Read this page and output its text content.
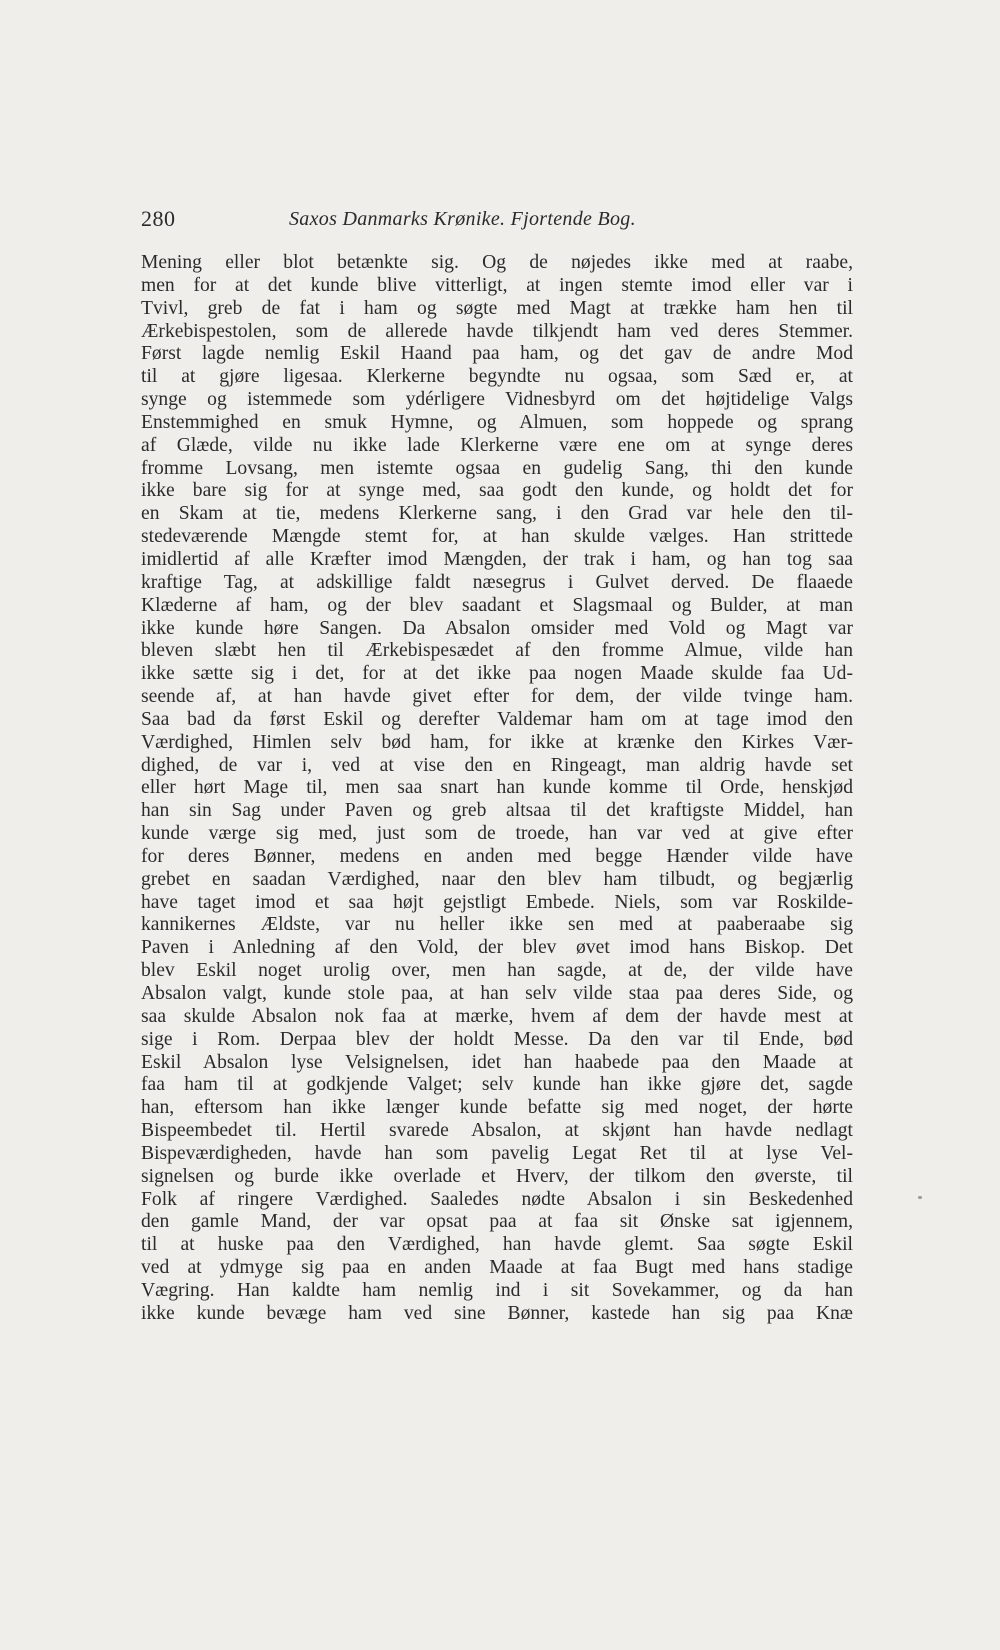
280	Saxos Danmarks Krønike. Fjortende Bog.
Mening eller blot betænkte sig. Og de nøjedes ikke med at raabe,
men for at det kunde blive vitterligt, at ingen stemte imod eller var i
Tvivl, greb de fat i ham og søgte med Magt at trække ham hen til
Ærkebispestolen, som de allerede havde tilkjendt ham ved deres Stemmer.
Først lagde nemlig Eskil Haand paa ham, og det gav de andre Mod
til at gjøre ligesaa. Klerkerne begyndte nu ogsaa, som Sæd er, at
synge og istemmede som ydérligere Vidnesbyrd om det højtidelige Valgs
Enstemmighed en smuk Hymne, og Almuen, som hoppede og sprang
af Glæde, vilde nu ikke lade Klerkerne være ene om at synge deres
fromme Lovsang, men istemte ogsaa en gudelig Sang, thi den kunde
ikke bare sig for at synge med, saa godt den kunde, og holdt det for
en Skam at tie, medens Klerkerne sang, i den Grad var hele den til-
stedeværende Mængde stemt for, at han skulde vælges. Han strittede
imidlertid af alle Kræfter imod Mængden, der trak i ham, og han tog saa
kraftige Tag, at adskillige faldt næsegrus i Gulvet derved. De flaaede
Klæderne af ham, og der blev saadant et Slagsmaal og Bulder, at man
ikke kunde høre Sangen. Da Absalon omsider med Vold og Magt var
bleven slæbt hen til Ærkebispesædet af den fromme Almue, vilde han
ikke sætte sig i det, for at det ikke paa nogen Maade skulde faa Ud-
seende af, at han havde givet efter for dem, der vilde tvinge ham.
Saa bad da først Eskil og derefter Valdemar ham om at tage imod den
Værdighed, Himlen selv bød ham, for ikke at krænke den Kirkes Vær-
dighed, de var i, ved at vise den en Ringeagt, man aldrig havde set
eller hørt Mage til, men saa snart han kunde komme til Orde, henskjød
han sin Sag under Paven og greb altsaa til det kraftigste Middel, han
kunde værge sig med, just som de troede, han var ved at give efter
for deres Bønner, medens en anden med begge Hænder vilde have
grebet en saadan Værdighed, naar den blev ham tilbudt, og begjærlig
have taget imod et saa højt gejstligt Embede. Niels, som var Roskilde-
kannikernes Ældste, var nu heller ikke sen med at paaberaabe sig
Paven i Anledning af den Vold, der blev øvet imod hans Biskop. Det
blev Eskil noget urolig over, men han sagde, at de, der vilde have
Absalon valgt, kunde stole paa, at han selv vilde staa paa deres Side, og
saa skulde Absalon nok faa at mærke, hvem af dem der havde mest at
sige i Rom. Derpaa blev der holdt Messe. Da den var til Ende, bød
Eskil Absalon lyse Velsignelsen, idet han haabede paa den Maade at
faa ham til at godkjende Valget; selv kunde han ikke gjøre det, sagde
han, eftersom han ikke længer kunde befatte sig med noget, der hørte
Bispeembedet til. Hertil svarede Absalon, at skjønt han havde nedlagt
Bispeværdigheden, havde han som pavelig Legat Ret til at lyse Vel-
signelsen og burde ikke overlade et Hverv, der tilkom den øverste, til
Folk af ringere Værdighed. Saaledes nødte Absalon i sin Beskedenhed
den gamle Mand, der var opsat paa at faa sit Ønske sat igjennem,
til at huske paa den Værdighed, han havde glemt. Saa søgte Eskil
ved at ydmyge sig paa en anden Maade at faa Bugt med hans stadige
Vægring. Han kaldte ham nemlig ind i sit Sovekammer, og da han
ikke kunde bevæge ham ved sine Bønner, kastede han sig paa Knæ
